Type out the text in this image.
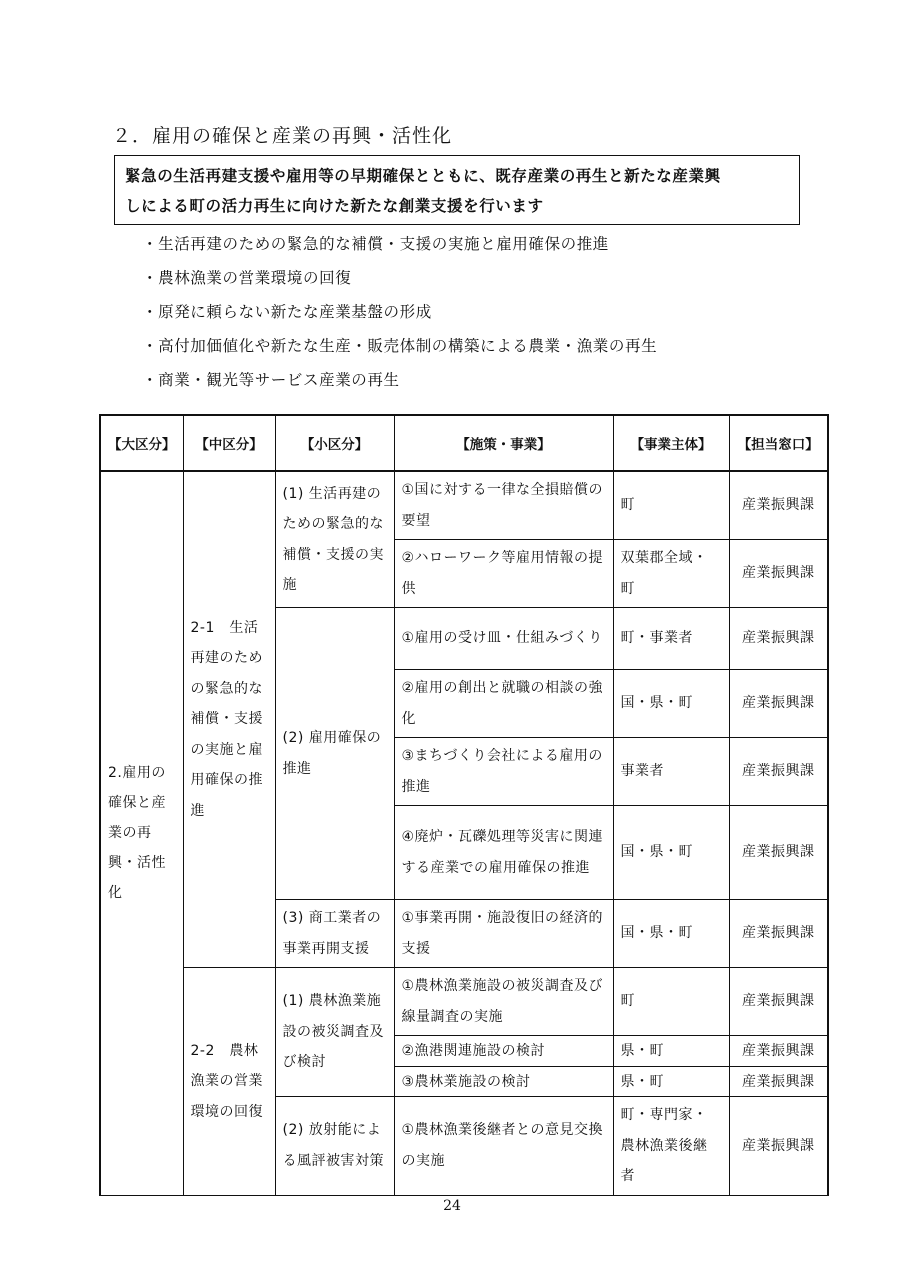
２．雇用の確保と産業の再興・活性化
緊急の生活再建支援や雇用等の早期確保とともに、既存産業の再生と新たな産業興
しによる町の活力再生に向けた新たな創業支援を行います
・生活再建のための緊急的な補償・支援の実施と雇用確保の推進
・農林漁業の営業環境の回復
・原発に頼らない新たな産業基盤の形成
・高付加価値化や新たな生産・販売体制の構築による農業・漁業の再生
・商業・観光等サービス産業の再生
【大区分】	【中区分】	【小区分】	【施策・事業】	【事業主体】	【担当窓口】
2.雇用の確保と産業の再興・活性化	2-1　生活再建のための緊急的な補償・支援の実施と雇用確保の推進	(1) 生活再建のための緊急的な補償・支援の実施	①国に対する一律な全損賠償の要望	町	産業振興課
			②ハローワーク等雇用情報の提供	双葉郡全域・町	産業振興課
		(2) 雇用確保の推進	①雇用の受け皿・仕組みづくり	町・事業者	産業振興課
			②雇用の創出と就職の相談の強化	国・県・町	産業振興課
			③まちづくり会社による雇用の推進	事業者	産業振興課
			④廃炉・瓦礫処理等災害に関連する産業での雇用確保の推進	国・県・町	産業振興課
		(3) 商工業者の事業再開支援	①事業再開・施設復旧の経済的支援	国・県・町	産業振興課
	2-2　農林漁業の営業環境の回復	(1) 農林漁業施設の被災調査及び検討	①農林漁業施設の被災調査及び線量調査の実施	町	産業振興課
			②漁港関連施設の検討	県・町	産業振興課
			③農林業施設の検討	県・町	産業振興課
		(2) 放射能による風評被害対策	①農林漁業後継者との意見交換の実施	町・専門家・農林漁業後継者	産業振興課
24
